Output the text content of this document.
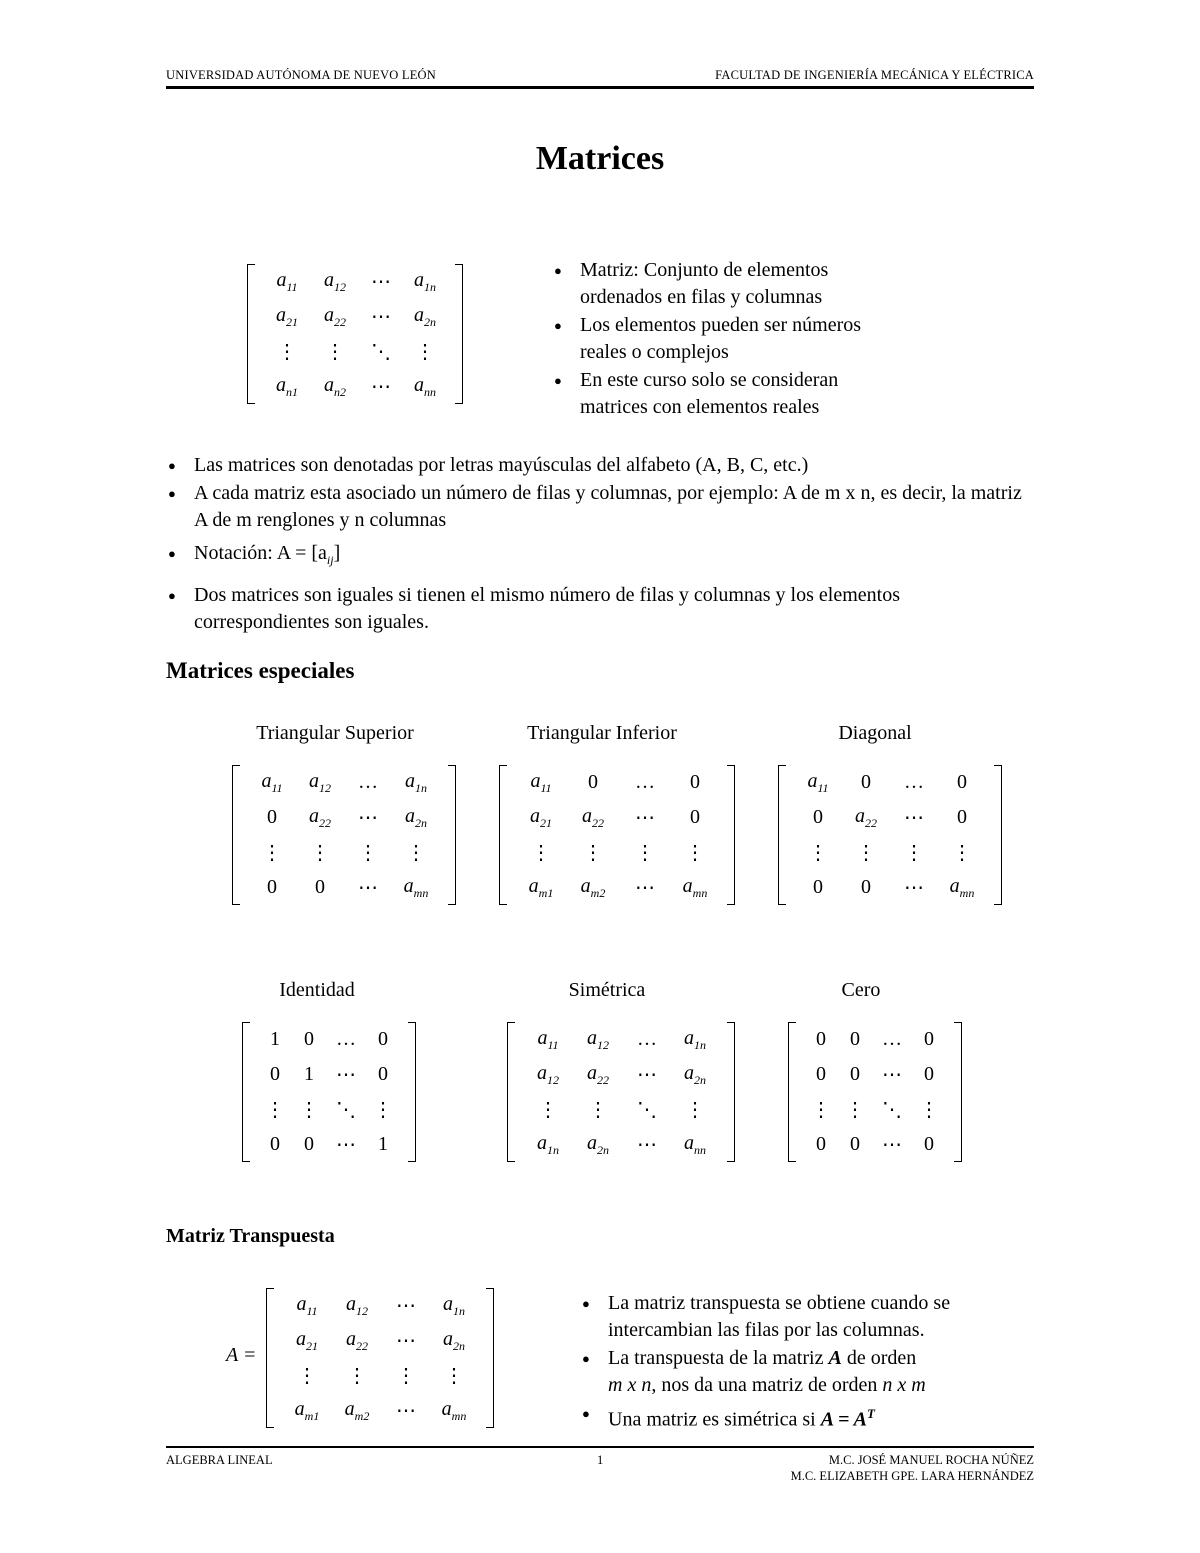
UNIVERSIDAD AUTÓNOMA DE NUEVO LEÓN	FACULTAD DE INGENIERÍA MECÁNICA Y ELÉCTRICA
Matrices
$a_{11}$	$a_{12}$	⋯	$a_{1n}$
$a_{21}$	$a_{22}$	⋯	$a_{2n}$
⋮	⋮	⋱	⋮
$a_{n1}$	$a_{n2}$	⋯	$a_{nn}$
● Matriz: Conjunto de elementos ordenados en filas y columnas
● Los elementos pueden ser números reales o complejos
● En este curso solo se consideran matrices con elementos reales
● Las matrices son denotadas por letras mayúsculas del alfabeto (A, B, C, etc.)
● A cada matriz esta asociado un número de filas y columnas, por ejemplo: A de m x n, es decir, la matriz A de m renglones y n columnas
● Notación: $A = [a_{ij}]$
● Dos matrices son iguales si tienen el mismo número de filas y columnas y los elementos correspondientes son iguales.
Matrices especiales
Triangular Superior	Triangular Inferior	Diagonal
$a_{11}$	$a_{12}$	…	$a_{1n}$
0	$a_{22}$	⋯	$a_{2n}$
⋮	⋮	⋮	⋮
0	0	⋯	$a_{mn}$
$a_{11}$	0	…	0
$a_{21}$	$a_{22}$	⋯	0
⋮	⋮	⋮	⋮
$a_{m1}$	$a_{m2}$	⋯	$a_{mn}$
$a_{11}$	0	…	0
0	$a_{22}$	⋯	0
⋮	⋮	⋮	⋮
0	0	⋯	$a_{mn}$
Identidad	Simétrica	Cero
1	0	…	0
0	1	⋯	0
⋮	⋮	⋱	⋮
0	0	⋯	1
$a_{11}$	$a_{12}$	…	$a_{1n}$
$a_{12}$	$a_{22}$	⋯	$a_{2n}$
⋮	⋮	⋱	⋮
$a_{1n}$	$a_{2n}$	⋯	$a_{nn}$
0	0	…	0
0	0	⋯	0
⋮	⋮	⋱	⋮
0	0	⋯	0
Matriz Transpuesta
A =
$a_{11}$	$a_{12}$	⋯	$a_{1n}$
$a_{21}$	$a_{22}$	⋯	$a_{2n}$
⋮	⋮	⋮	⋮
$a_{m1}$	$a_{m2}$	⋯	$a_{mn}$
● La matriz transpuesta se obtiene cuando se intercambian las filas por las columnas.
● La transpuesta de la matriz A de orden
m x n, nos da una matriz de orden n x m
● Una matriz es simétrica si $A = A^T$
ALGEBRA LINEAL	1	M.C. JOSÉ MANUEL ROCHA NÚÑEZ
M.C. ELIZABETH GPE. LARA HERNÁNDEZ
